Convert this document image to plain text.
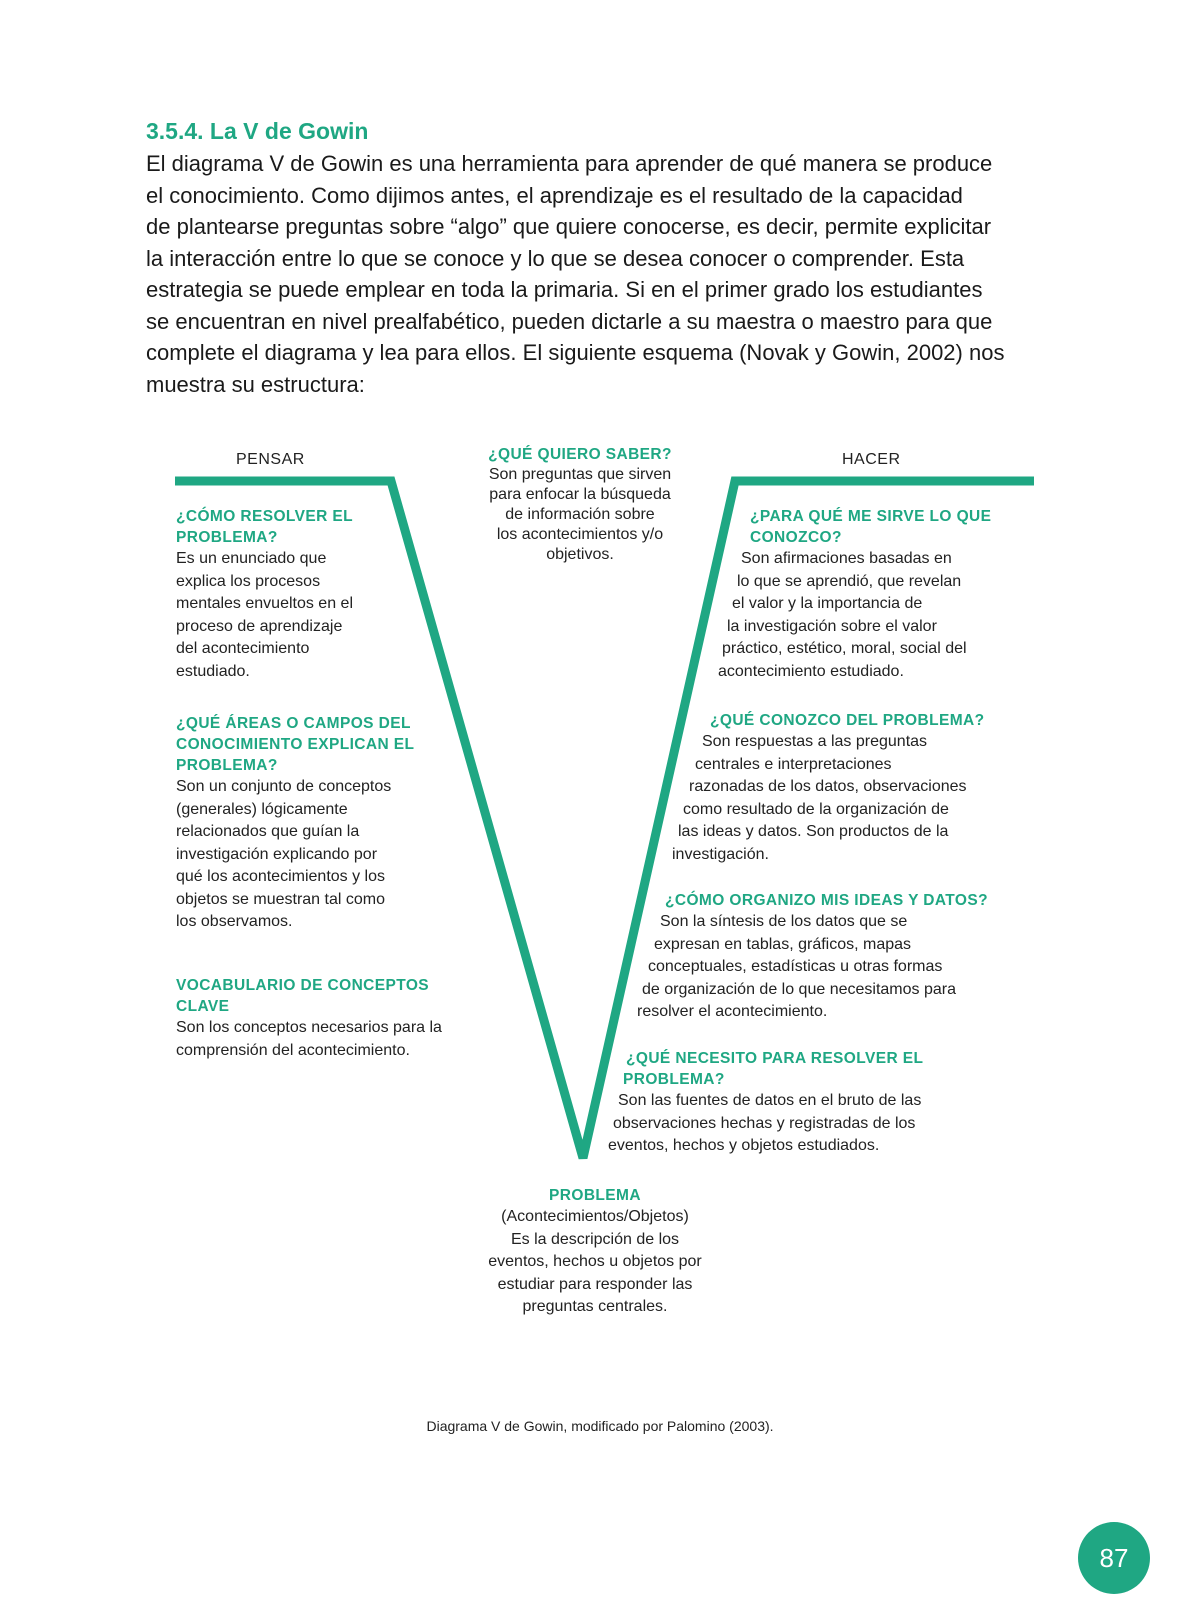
3.5.4. La V de Gowin

El diagrama V de Gowin es una herramienta para aprender de qué manera se produce

el conocimiento. Como dijimos antes, el aprendizaje es el resultado de la capacidad

de plantearse preguntas sobre “algo” que quiere conocerse, es decir, permite explicitar

la interacción entre lo que se conoce y lo que se desea conocer o comprender. Esta

estrategia se puede emplear en toda la primaria. Si en el primer grado los estudiantes

se encuentran en nivel prealfabético, pueden dictarle a su maestra o maestro para que

complete el diagrama y lea para ellos. El siguiente esquema (Novak y Gowin, 2002) nos

muestra su estructura:

PENSAR	HACER

¿QUÉ QUIERO SABER?

Son preguntas que sirven

para enfocar la búsqueda

de información sobre

los acontecimientos y/o

objetivos.

¿CÓMO RESOLVER EL

PROBLEMA?

Es un enunciado que

explica los procesos

mentales envueltos en el

proceso de aprendizaje

del acontecimiento

estudiado.

¿QUÉ ÁREAS O CAMPOS DEL

CONOCIMIENTO EXPLICAN EL

PROBLEMA?

Son un conjunto de conceptos

(generales) lógicamente

relacionados que guían la

investigación explicando por

qué los acontecimientos y los

objetos se muestran tal como

los observamos.

VOCABULARIO DE CONCEPTOS

CLAVE

Son los conceptos necesarios para la

comprensión del acontecimiento.

¿PARA QUÉ ME SIRVE LO QUE

CONOZCO?

Son afirmaciones basadas en

lo que se aprendió, que revelan

el valor y la importancia de

la investigación sobre el valor

práctico, estético, moral, social del

acontecimiento estudiado.

¿QUÉ CONOZCO DEL PROBLEMA?

Son respuestas a las preguntas

centrales e interpretaciones

razonadas de los datos, observaciones

como resultado de la organización de

las ideas y datos. Son productos de la

investigación.

¿CÓMO ORGANIZO MIS IDEAS Y DATOS?

Son la síntesis de los datos que se

expresan en tablas, gráficos, mapas

conceptuales, estadísticas u otras formas

de organización de lo que necesitamos para

resolver el acontecimiento.

¿QUÉ NECESITO PARA RESOLVER EL

PROBLEMA?

Son las fuentes de datos en el bruto de las

observaciones hechas y registradas de los

eventos, hechos y objetos estudiados.

PROBLEMA

(Acontecimientos/Objetos)

Es la descripción de los

eventos, hechos u objetos por

estudiar para responder las

preguntas centrales.

Diagrama V de Gowin, modificado por Palomino (2003).
87
